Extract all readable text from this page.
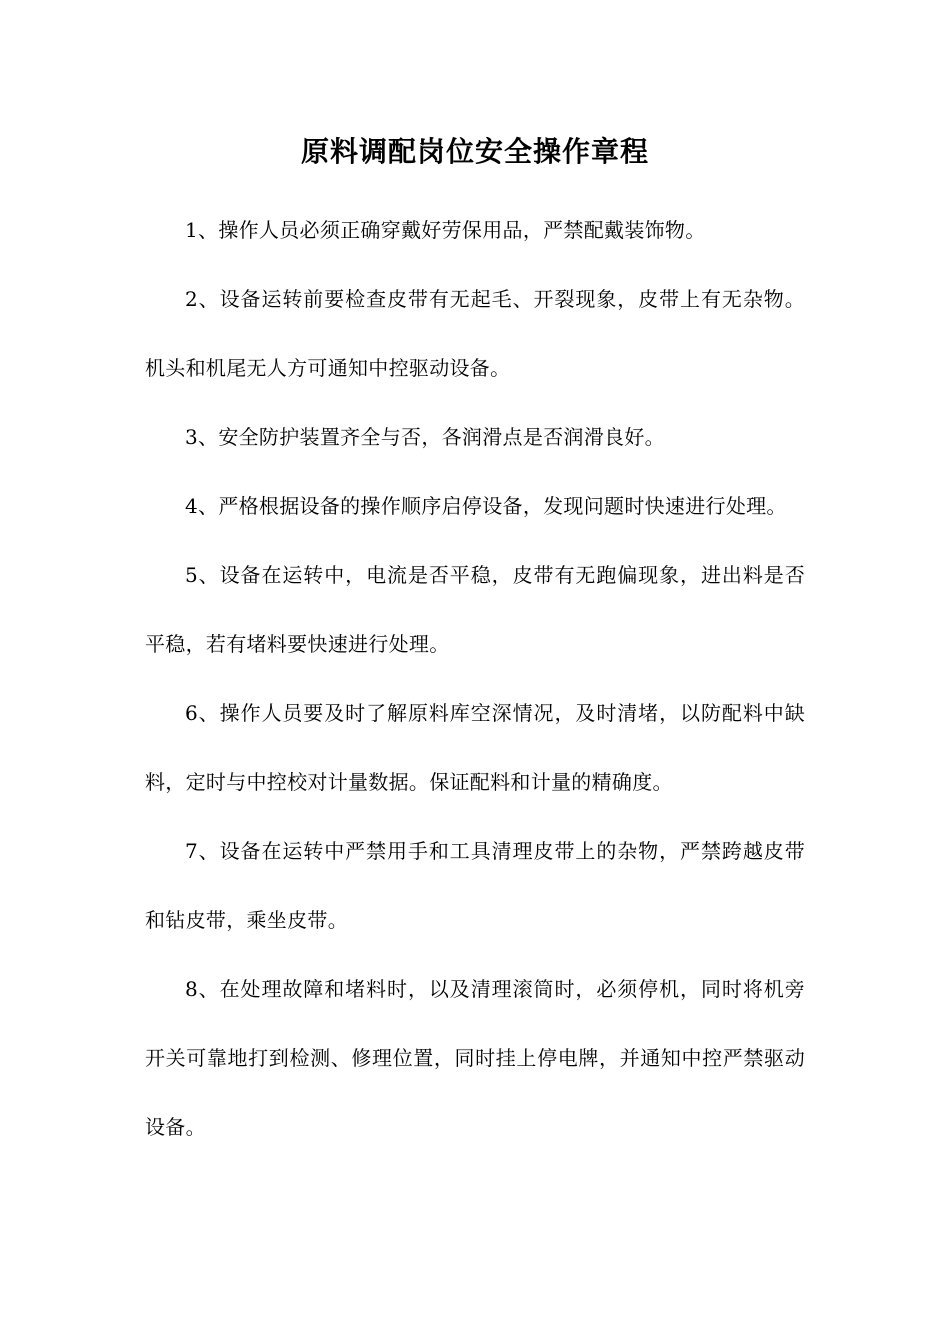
原料调配岗位安全操作章程

1、操作人员必须正确穿戴好劳保用品，严禁配戴装饰物。

2、设备运转前要检查皮带有无起毛、开裂现象，皮带上有无杂物。机头和机尾无人方可通知中控驱动设备。

3、安全防护装置齐全与否，各润滑点是否润滑良好。

4、严格根据设备的操作顺序启停设备，发现问题时快速进行处理。

5、设备在运转中，电流是否平稳，皮带有无跑偏现象，进出料是否平稳，若有堵料要快速进行处理。

6、操作人员要及时了解原料库空深情况，及时清堵，以防配料中缺料，定时与中控校对计量数据。保证配料和计量的精确度。

7、设备在运转中严禁用手和工具清理皮带上的杂物，严禁跨越皮带和钻皮带，乘坐皮带。

8、在处理故障和堵料时，以及清理滚筒时，必须停机，同时将机旁开关可靠地打到检测、修理位置，同时挂上停电牌，并通知中控严禁驱动设备。
